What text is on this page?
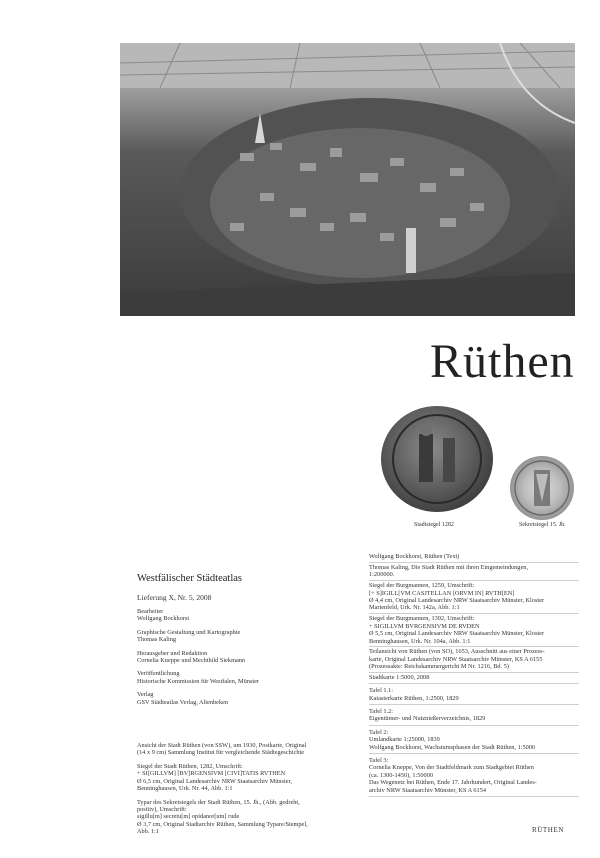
Rüthen
Stadtsiegel 1282	Sekretsiegel 15. Jh.
Westfälischer Städteatlas
Lieferung X, Nr. 5, 2008
Bearbeiter
Wolfgang Bockhorst
Graphische Gestaltung und Kartographie
Thomas Kaling
Herausgeber und Redaktion
Cornelia Kneppe und Mechthild Siekmann
Veröffentlichung
Historische Kommission für Westfalen, Münster
Verlag
GSV Städteatlas Verlag, Altenbeken
Ansicht der Stadt Rüthen (von SSW), um 1930, Postkarte, Original
(14 x 9 cm) Sammlung Institut für vergleichende Städtegeschichte
Siegel der Stadt Rüthen, 1282, Umschrift:
+ SI[GILLVM] [BV]RGENSIVM [CIVI]TATIS RVTHEN
Ø 6,5 cm, Original Landesarchiv NRW Staatsarchiv Münster,
Benninghausen, Urk. Nr. 44, Abb. 1:1
Typar des Sekretsiegels der Stadt Rüthen, 15. Jh., (Abb. gedreht,
positiv), Umschrift:
sigillu[m] secretu[m] opidanor[um] rude
Ø 3,7 cm, Original Stadtarchiv Rüthen, Sammlung Typare/Stempel,
Abb. 1:1
Wolfgang Bockhorst, Rüthen (Text)
Thomas Kaling, Die Stadt Rüthen mit ihren Eingemeindungen,
1:200000.
Siegel der Burgmannen, 1259, Umschrift:
[+ S]IGILL[VM CASJTELLAN [ORVM IN] RVTH[EN]
Ø 4,4 cm, Original Landesarchiv NRW Staatsarchiv Münster, Kloster
Marienfeld, Urk. Nr. 142a, Abb. 1:1
Siegel der Burgmannen, 1392, Umschrift:
+ SIGILLVM BVRGENSIVM DE RVDEN
Ø 5,5 cm, Original Landesarchiv NRW Staatsarchiv Münster, Kloster
Benninghausen, Urk. Nr. 104a, Abb. 1:1
Teilansicht von Rüthen (von SO), 1653, Ausschnitt aus einer Prozess-
karte, Original Landesarchiv NRW Staatsarchiv Münster, KS A 6155
(Prozessakte: Reichskammergericht M Nr. 1216, Bd. 5)
Stadtkarte 1:5000, 2008
Tafel 1.1:
Katasterkarte Rüthen, 1:2500, 1829
Tafel 1.2:
Eigentümer- und Nutznießerverzeichnis, 1829
Tafel 2:
Umlandkarte 1:25000, 1839
Wolfgang Bockhorst, Wachstumsphasen der Stadt Rüthen, 1:5000
Tafel 3:
Cornelia Kneppe, Von der Stadtfeldmark zum Stadtgebiet Rüthen
(ca. 1300-1450), 1:50000
Das Wegenetz bei Rüthen, Ende 17. Jahrhundert, Original Landes-
archiv NRW Staatsarchiv Münster, KS A 6154
RÜTHEN
